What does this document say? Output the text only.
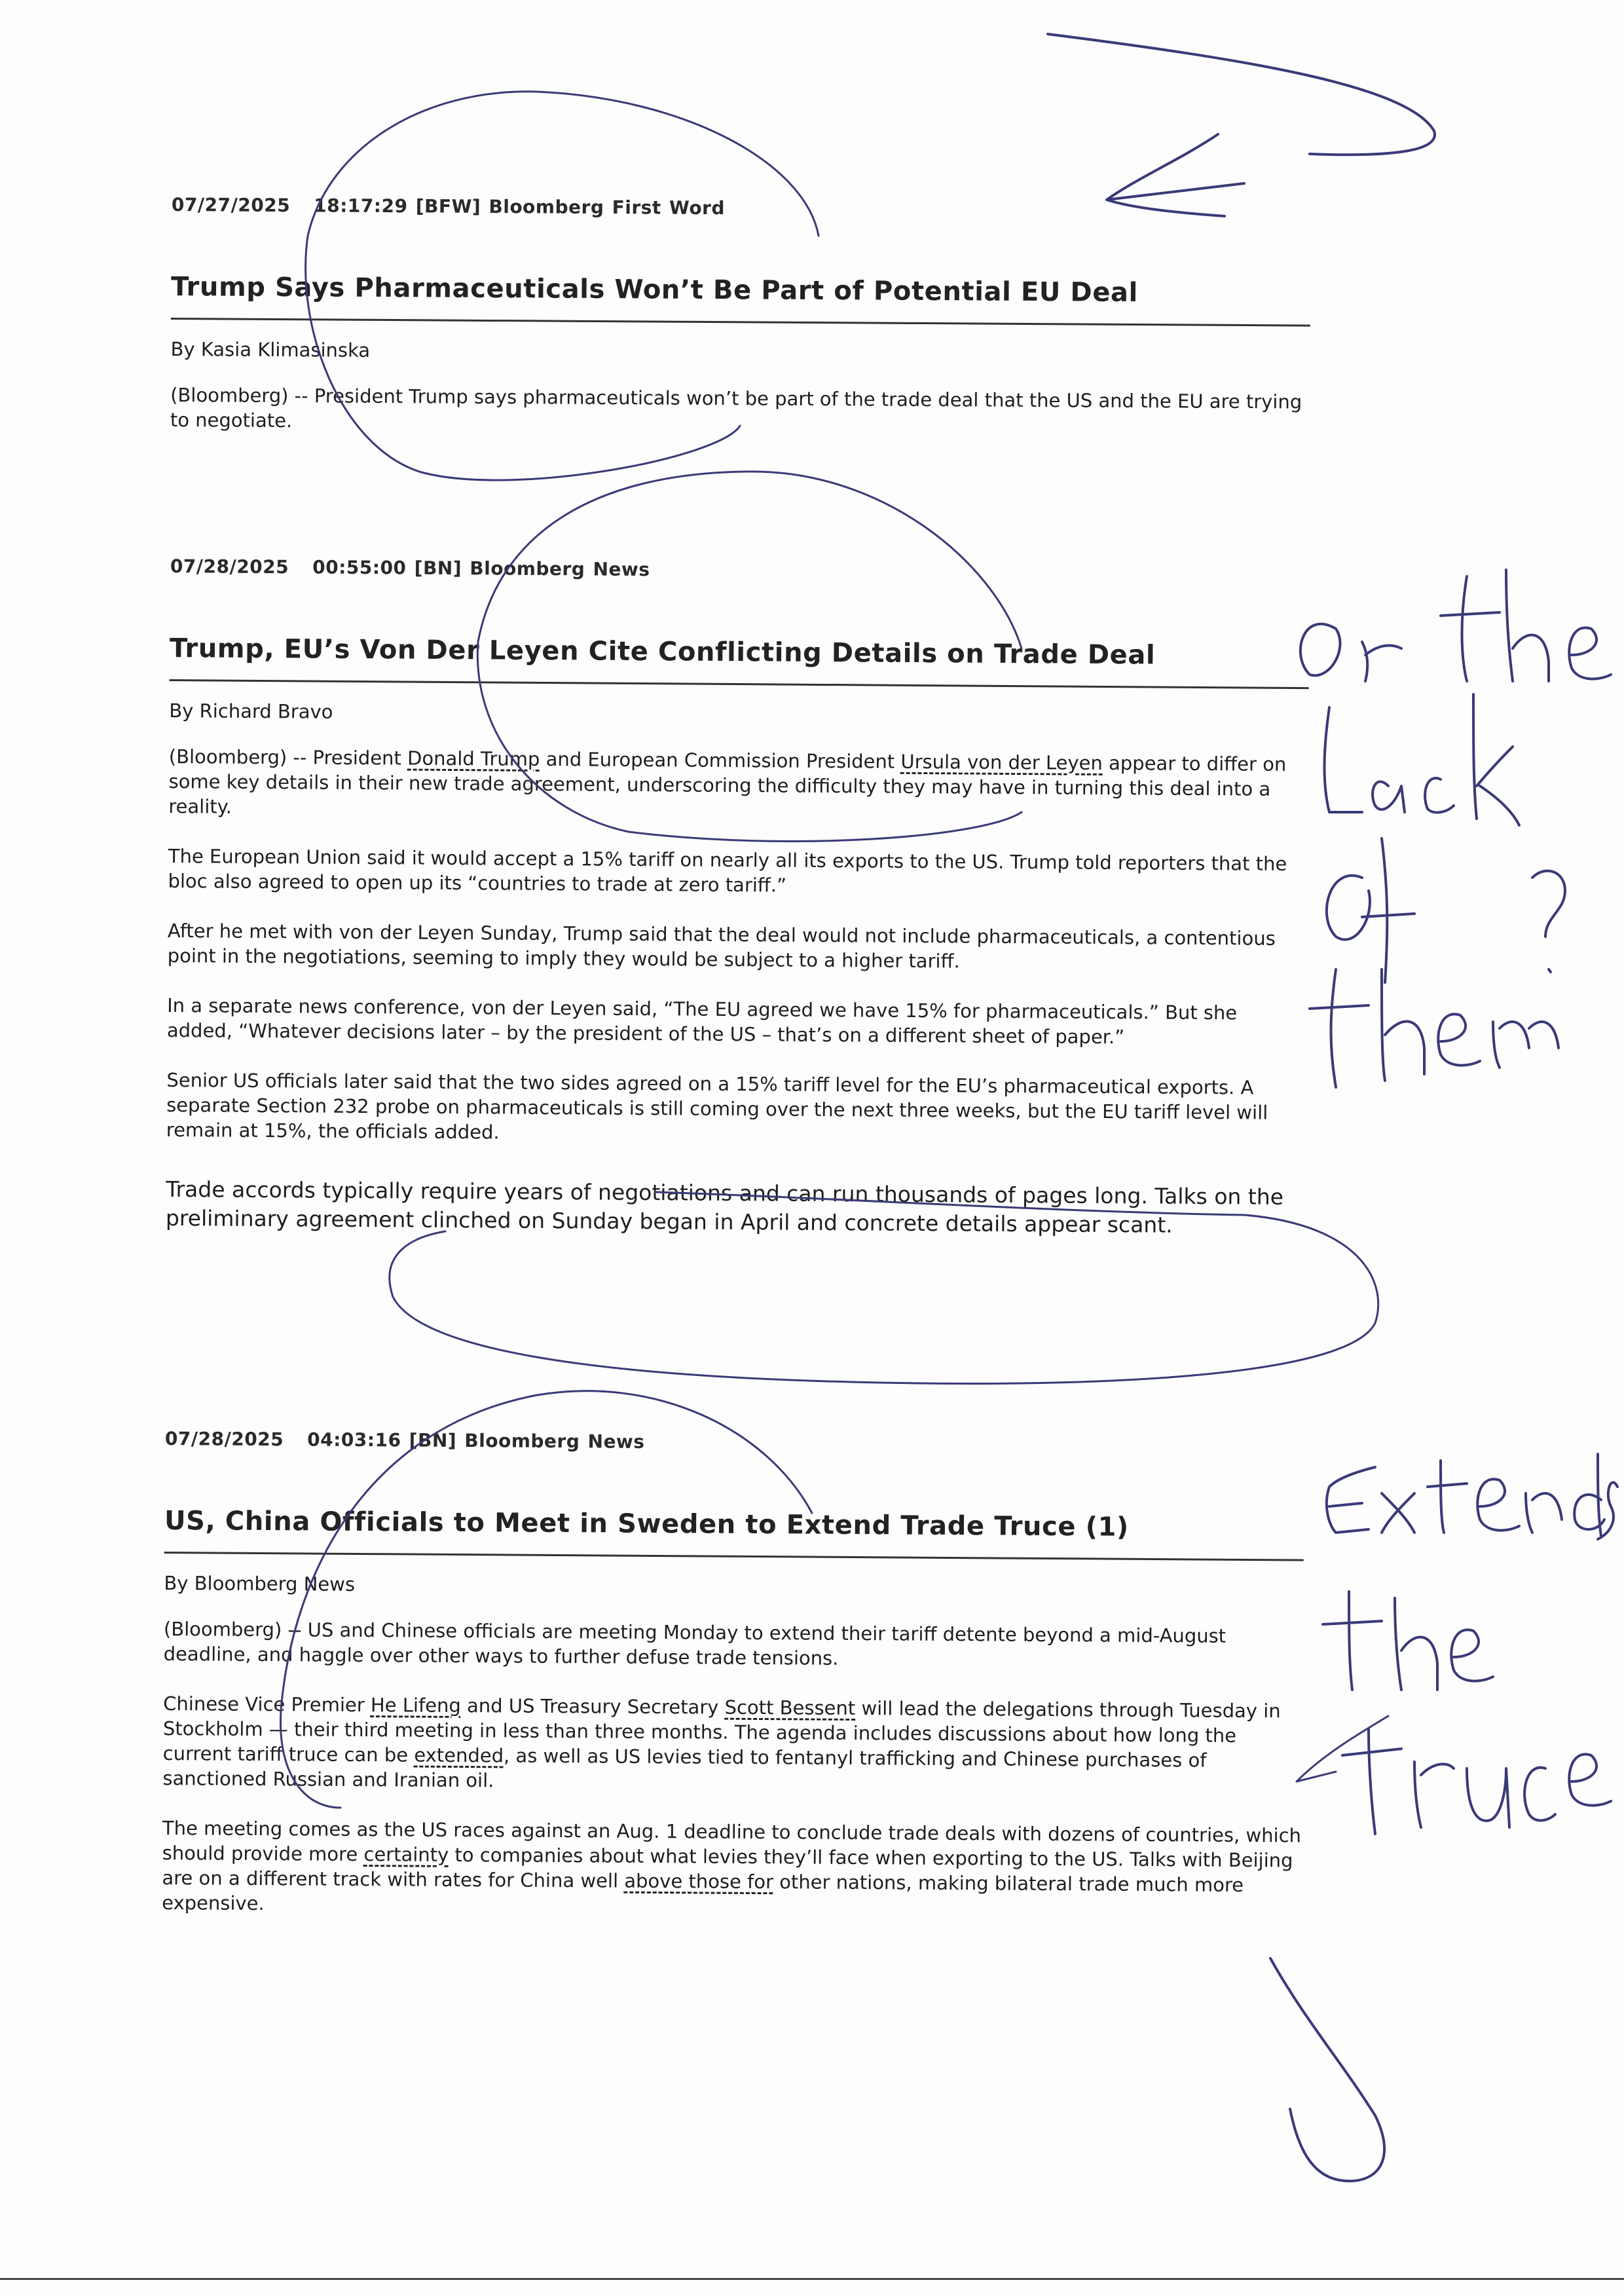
07/27/2025 18:17:29 [BFW] Bloomberg First Word
Trump Says Pharmaceuticals Won’t Be Part of Potential EU Deal
By Kasia Klimasinska
(Bloomberg) -- President Trump says pharmaceuticals won’t be part of the trade deal that the US and the EU are trying to negotiate.
07/28/2025 00:55:00 [BN] Bloomberg News
Trump, EU’s Von Der Leyen Cite Conflicting Details on Trade Deal
By Richard Bravo
(Bloomberg) -- President Donald Trump and European Commission President Ursula von der Leyen appear to differ on some key details in their new trade agreement, underscoring the difficulty they may have in turning this deal into a reality.
The European Union said it would accept a 15% tariff on nearly all its exports to the US. Trump told reporters that the bloc also agreed to open up its “countries to trade at zero tariff.”
After he met with von der Leyen Sunday, Trump said that the deal would not include pharmaceuticals, a contentious point in the negotiations, seeming to imply they would be subject to a higher tariff.
In a separate news conference, von der Leyen said, “The EU agreed we have 15% for pharmaceuticals.” But she added, “Whatever decisions later – by the president of the US – that’s on a different sheet of paper.”
Senior US officials later said that the two sides agreed on a 15% tariff level for the EU’s pharmaceutical exports. A separate Section 232 probe on pharmaceuticals is still coming over the next three weeks, but the EU tariff level will remain at 15%, the officials added.
Trade accords typically require years of negotiations and can run thousands of pages long. Talks on the preliminary agreement clinched on Sunday began in April and concrete details appear scant.
07/28/2025 04:03:16 [BN] Bloomberg News
US, China Officials to Meet in Sweden to Extend Trade Truce (1)
By Bloomberg News
(Bloomberg) -- US and Chinese officials are meeting Monday to extend their tariff detente beyond a mid-August deadline, and haggle over other ways to further defuse trade tensions.
Chinese Vice Premier He Lifeng and US Treasury Secretary Scott Bessent will lead the delegations through Tuesday in Stockholm — their third meeting in less than three months. The agenda includes discussions about how long the current tariff truce can be extended, as well as US levies tied to fentanyl trafficking and Chinese purchases of sanctioned Russian and Iranian oil.
The meeting comes as the US races against an Aug. 1 deadline to conclude trade deals with dozens of countries, which should provide more certainty to companies about what levies they’ll face when exporting to the US. Talks with Beijing are on a different track with rates for China well above those for other nations, making bilateral trade much more expensive.
